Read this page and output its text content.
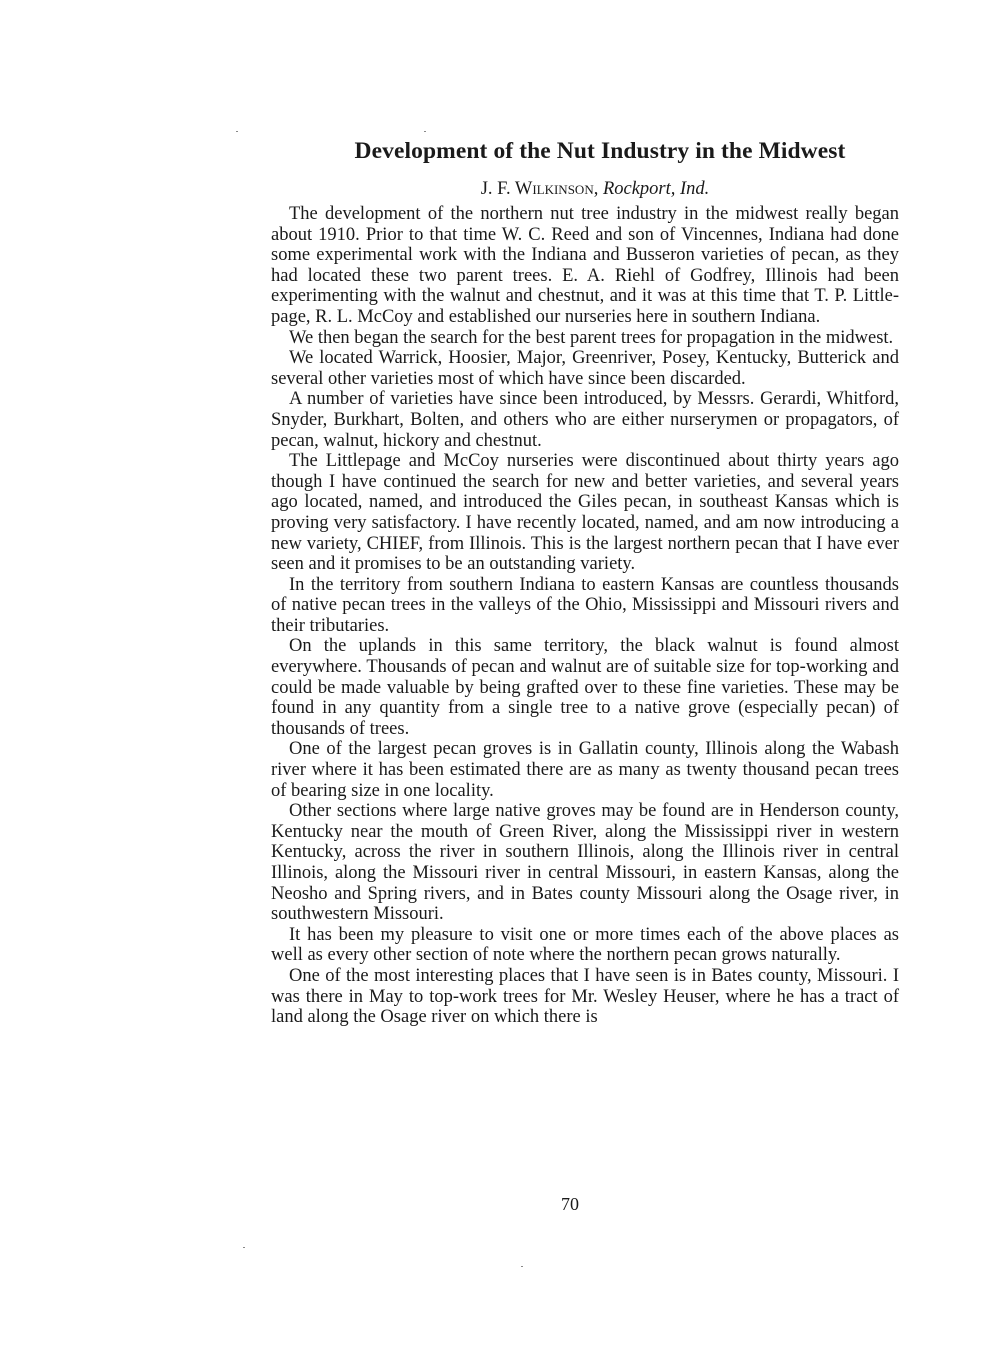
Development of the Nut Industry in the Midwest
J. F. Wilkinson, Rockport, Ind.

The development of the northern nut tree industry in the midwest really began about 1910. Prior to that time W. C. Reed and son of Vincennes, Indiana had done some experimental work with the Indiana and Busseron varieties of pecan, as they had located these two parent trees. E. A. Riehl of Godfrey, Illinois had been experimenting with the walnut and chestnut, and it was at this time that T. P. Littlepage, R. L. McCoy and established our nurseries here in southern Indiana.

We then began the search for the best parent trees for propagation in the midwest.

We located Warrick, Hoosier, Major, Greenriver, Posey, Kentucky, Butterick and several other varieties most of which have since been discarded.

A number of varieties have since been introduced, by Messrs. Gerardi, Whitford, Snyder, Burkhart, Bolten, and others who are either nurserymen or propagators, of pecan, walnut, hickory and chestnut.

The Littlepage and McCoy nurseries were discontinued about thirty years ago though I have continued the search for new and better varieties, and several years ago located, named, and introduced the Giles pecan, in southeast Kansas which is proving very satisfactory. I have recently located, named, and am now introducing a new variety, CHIEF, from Illinois. This is the largest northern pecan that I have ever seen and it promises to be an outstanding variety.

In the territory from southern Indiana to eastern Kansas are countless thousands of native pecan trees in the valleys of the Ohio, Mississippi and Missouri rivers and their tributaries.

On the uplands in this same territory, the black walnut is found almost everywhere. Thousands of pecan and walnut are of suitable size for top-working and could be made valuable by being grafted over to these fine varieties. These may be found in any quantity from a single tree to a native grove (especially pecan) of thousands of trees.

One of the largest pecan groves is in Gallatin county, Illinois along the Wabash river where it has been estimated there are as many as twenty thousand pecan trees of bearing size in one locality.

Other sections where large native groves may be found are in Henderson county, Kentucky near the mouth of Green River, along the Mississippi river in western Kentucky, across the river in southern Illinois, along the Illinois river in central Illinois, along the Missouri river in central Missouri, in eastern Kansas, along the Neosho and Spring rivers, and in Bates county Missouri along the Osage river, in southwestern Missouri.

It has been my pleasure to visit one or more times each of the above places as well as every other section of note where the northern pecan grows naturally.

One of the most interesting places that I have seen is in Bates county, Missouri. I was there in May to top-work trees for Mr. Wesley Heuser, where he has a tract of land along the Osage river on which there is

70
